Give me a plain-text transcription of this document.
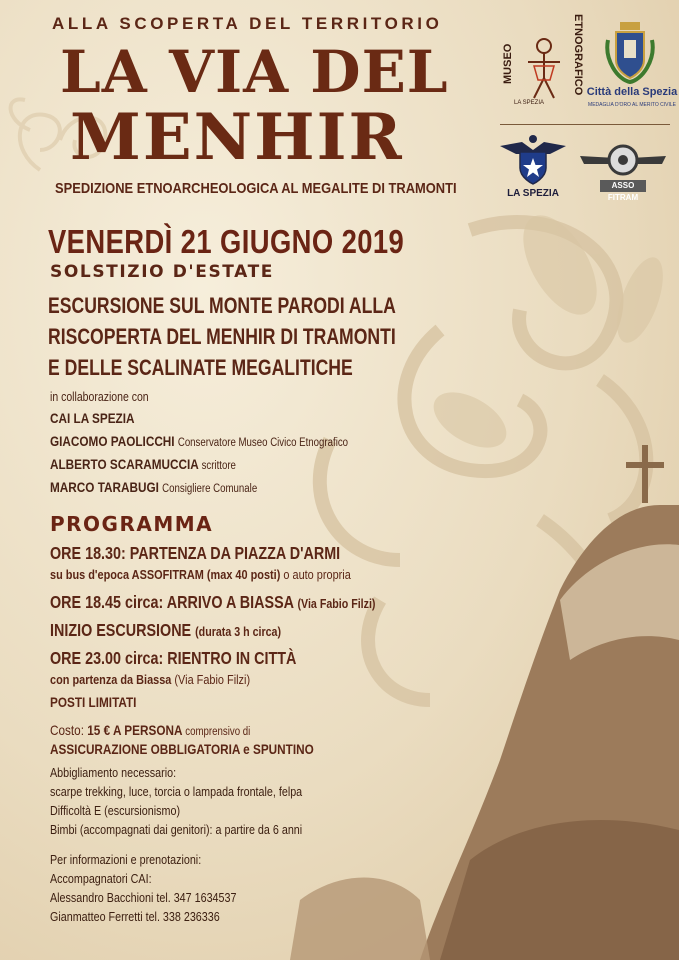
ALLA SCOPERTA DEL TERRITORIO
LA VIA DEL
MENHIR
SPEDIZIONE ETNOARCHEOLOGICA AL MEGALITE DI TRAMONTI
MUSEO	ETNOGRAFICO
LA SPEZIA
Città della Spezia
MEDAGLIA D'ORO AL MERITO CIVILE
LA SPEZIA
ASSO FITRAM
VENERDÌ 21 GIUGNO 2019
SOLSTIZIO D'ESTATE
ESCURSIONE SUL MONTE PARODI ALLA
RISCOPERTA DEL MENHIR DI TRAMONTI
E DELLE SCALINATE MEGALITICHE
in collaborazione con
CAI LA SPEZIA
GIACOMO PAOLICCHI Conservatore Museo Civico Etnografico
ALBERTO SCARAMUCCIA scrittore
MARCO TARABUGI Consigliere Comunale
PROGRAMMA
ORE 18.30: PARTENZA DA PIAZZA D'ARMI
su bus d'epoca ASSOFITRAM (max 40 posti) o auto propria
ORE 18.45 circa: ARRIVO A BIASSA (Via Fabio Filzi)
INIZIO ESCURSIONE (durata 3 h circa)
ORE 23.00 circa: RIENTRO IN CITTÀ
con partenza da Biassa (Via Fabio Filzi)
POSTI LIMITATI
Costo: 15 € A PERSONA comprensivo di
ASSICURAZIONE OBBLIGATORIA e SPUNTINO
Abbigliamento necessario:
scarpe trekking, luce, torcia o lampada frontale, felpa
Difficoltà E (escursionismo)
Bimbi (accompagnati dai genitori): a partire da 6 anni
Per informazioni e prenotazioni:
Accompagnatori CAI:
Alessandro Bacchioni tel. 347 1634537
Gianmatteo Ferretti tel. 338 236336
